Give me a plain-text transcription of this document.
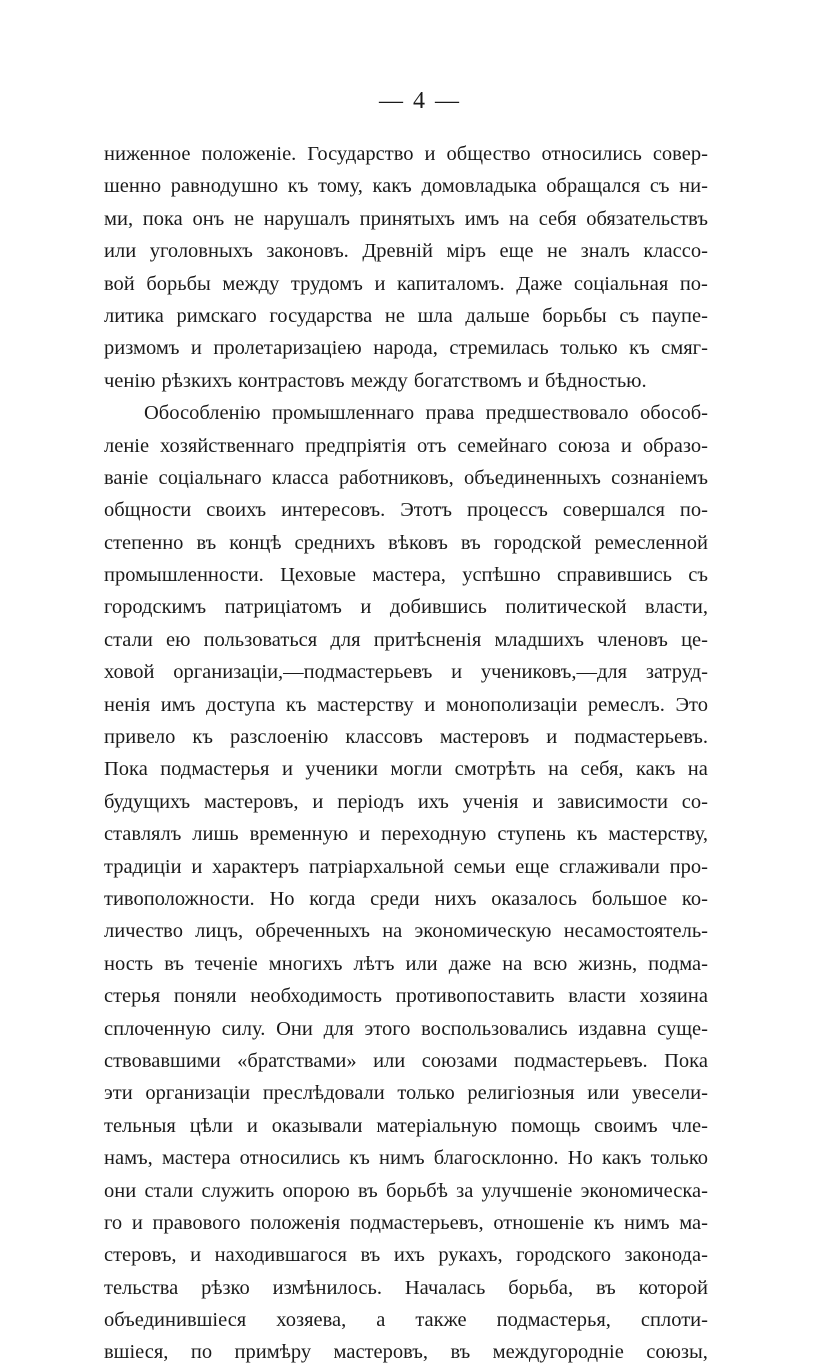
— 4 —
ниженное положеніе. Государство и общество относились совер-
шенно равнодушно къ тому, какъ домовладыка обращался съ ни-
ми, пока онъ не нарушалъ принятыхъ имъ на себя обязательствъ
или уголовныхъ законовъ. Древній міръ еще не зналъ классо-
вой борьбы между трудомъ и капиталомъ. Даже соціальная по-
литика римскаго государства не шла дальше борьбы съ паупе-
ризмомъ и пролетаризаціею народа, стремилась только къ смяг-
ченію рѣзкихъ контрастовъ между богатствомъ и бѣдностью.
Обособленію промышленнаго права предшествовало обособ-
леніе хозяйственнаго предпріятія отъ семейнаго союза и образо-
ваніе соціальнаго класса работниковъ, объединенныхъ сознаніемъ
общности своихъ интересовъ. Этотъ процессъ совершался по-
степенно въ концѣ среднихъ вѣковъ въ городской ремесленной
промышленности. Цеховые мастера, успѣшно справившись съ
городскимъ патриціатомъ и добившись политической власти,
стали ею пользоваться для притѣсненія младшихъ членовъ це-
ховой организаціи,—подмастерьевъ и учениковъ,—для затруд-
ненія имъ доступа къ мастерству и монополизаціи ремеслъ. Это
привело къ разслоенію классовъ мастеровъ и подмастерьевъ.
Пока подмастерья и ученики могли смотрѣть на себя, какъ на
будущихъ мастеровъ, и періодъ ихъ ученія и зависимости со-
ставлялъ лишь временную и переходную ступень къ мастерству,
традиціи и характеръ патріархальной семьи еще сглаживали про-
тивоположности. Но когда среди нихъ оказалось большое ко-
личество лицъ, обреченныхъ на экономическую несамостоятель-
ность въ теченіе многихъ лѣтъ или даже на всю жизнь, подма-
стерья поняли необходимость противопоставить власти хозяина
сплоченную силу. Они для этого воспользовались издавна суще-
ствовавшими «братствами» или союзами подмастерьевъ. Пока
эти организаціи преслѣдовали только религіозныя или увесели-
тельныя цѣли и оказывали матеріальную помощь своимъ чле-
намъ, мастера относились къ нимъ благосклонно. Но какъ только
они стали служить опорою въ борьбѣ за улучшеніе экономическа-
го и правового положенія подмастерьевъ, отношеніе къ нимъ ма-
стеровъ, и находившагося въ ихъ рукахъ, городского законода-
тельства рѣзко измѣнилось. Началась борьба, въ которой
объединившіеся хозяева, а также подмастерья, сплоти-
вшіеся, по примѣру мастеровъ, въ междугородніе союзы,
